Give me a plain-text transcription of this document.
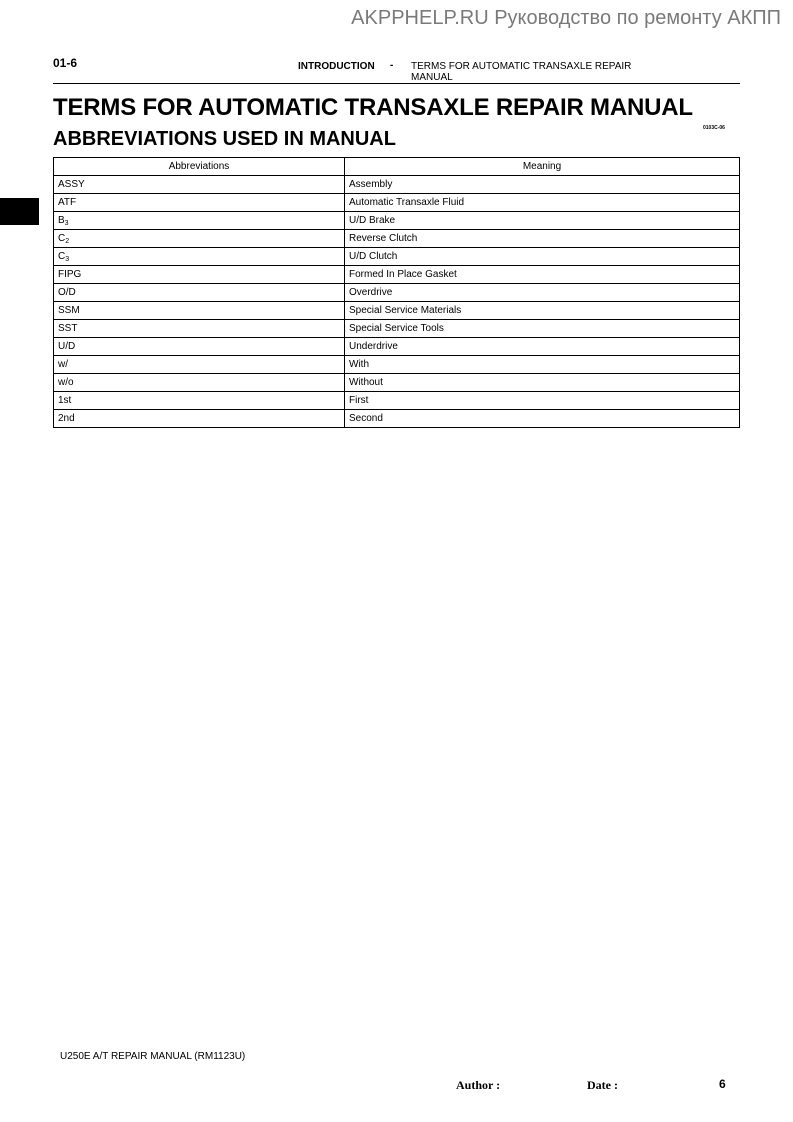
AKPPHELP.RU Руководство по ремонту АКПП
01-6	INTRODUCTION - TERMS FOR AUTOMATIC TRANSAXLE REPAIR MANUAL
TERMS FOR AUTOMATIC TRANSAXLE REPAIR MANUAL
ABBREVIATIONS USED IN MANUAL	0103C-06
Abbreviations	Meaning
ASSY	Assembly
ATF	Automatic Transaxle Fluid
$B_3$	U/D Brake
$C_2$	Reverse Clutch
$C_3$	U/D Clutch
FIPG	Formed In Place Gasket
O/D	Overdrive
SSM	Special Service Materials
SST	Special Service Tools
U/D	Underdrive
w/	With
w/o	Without
1st	First
2nd	Second
U250E A/T REPAIR MANUAL (RM1123U)
Author :	Date :	6
